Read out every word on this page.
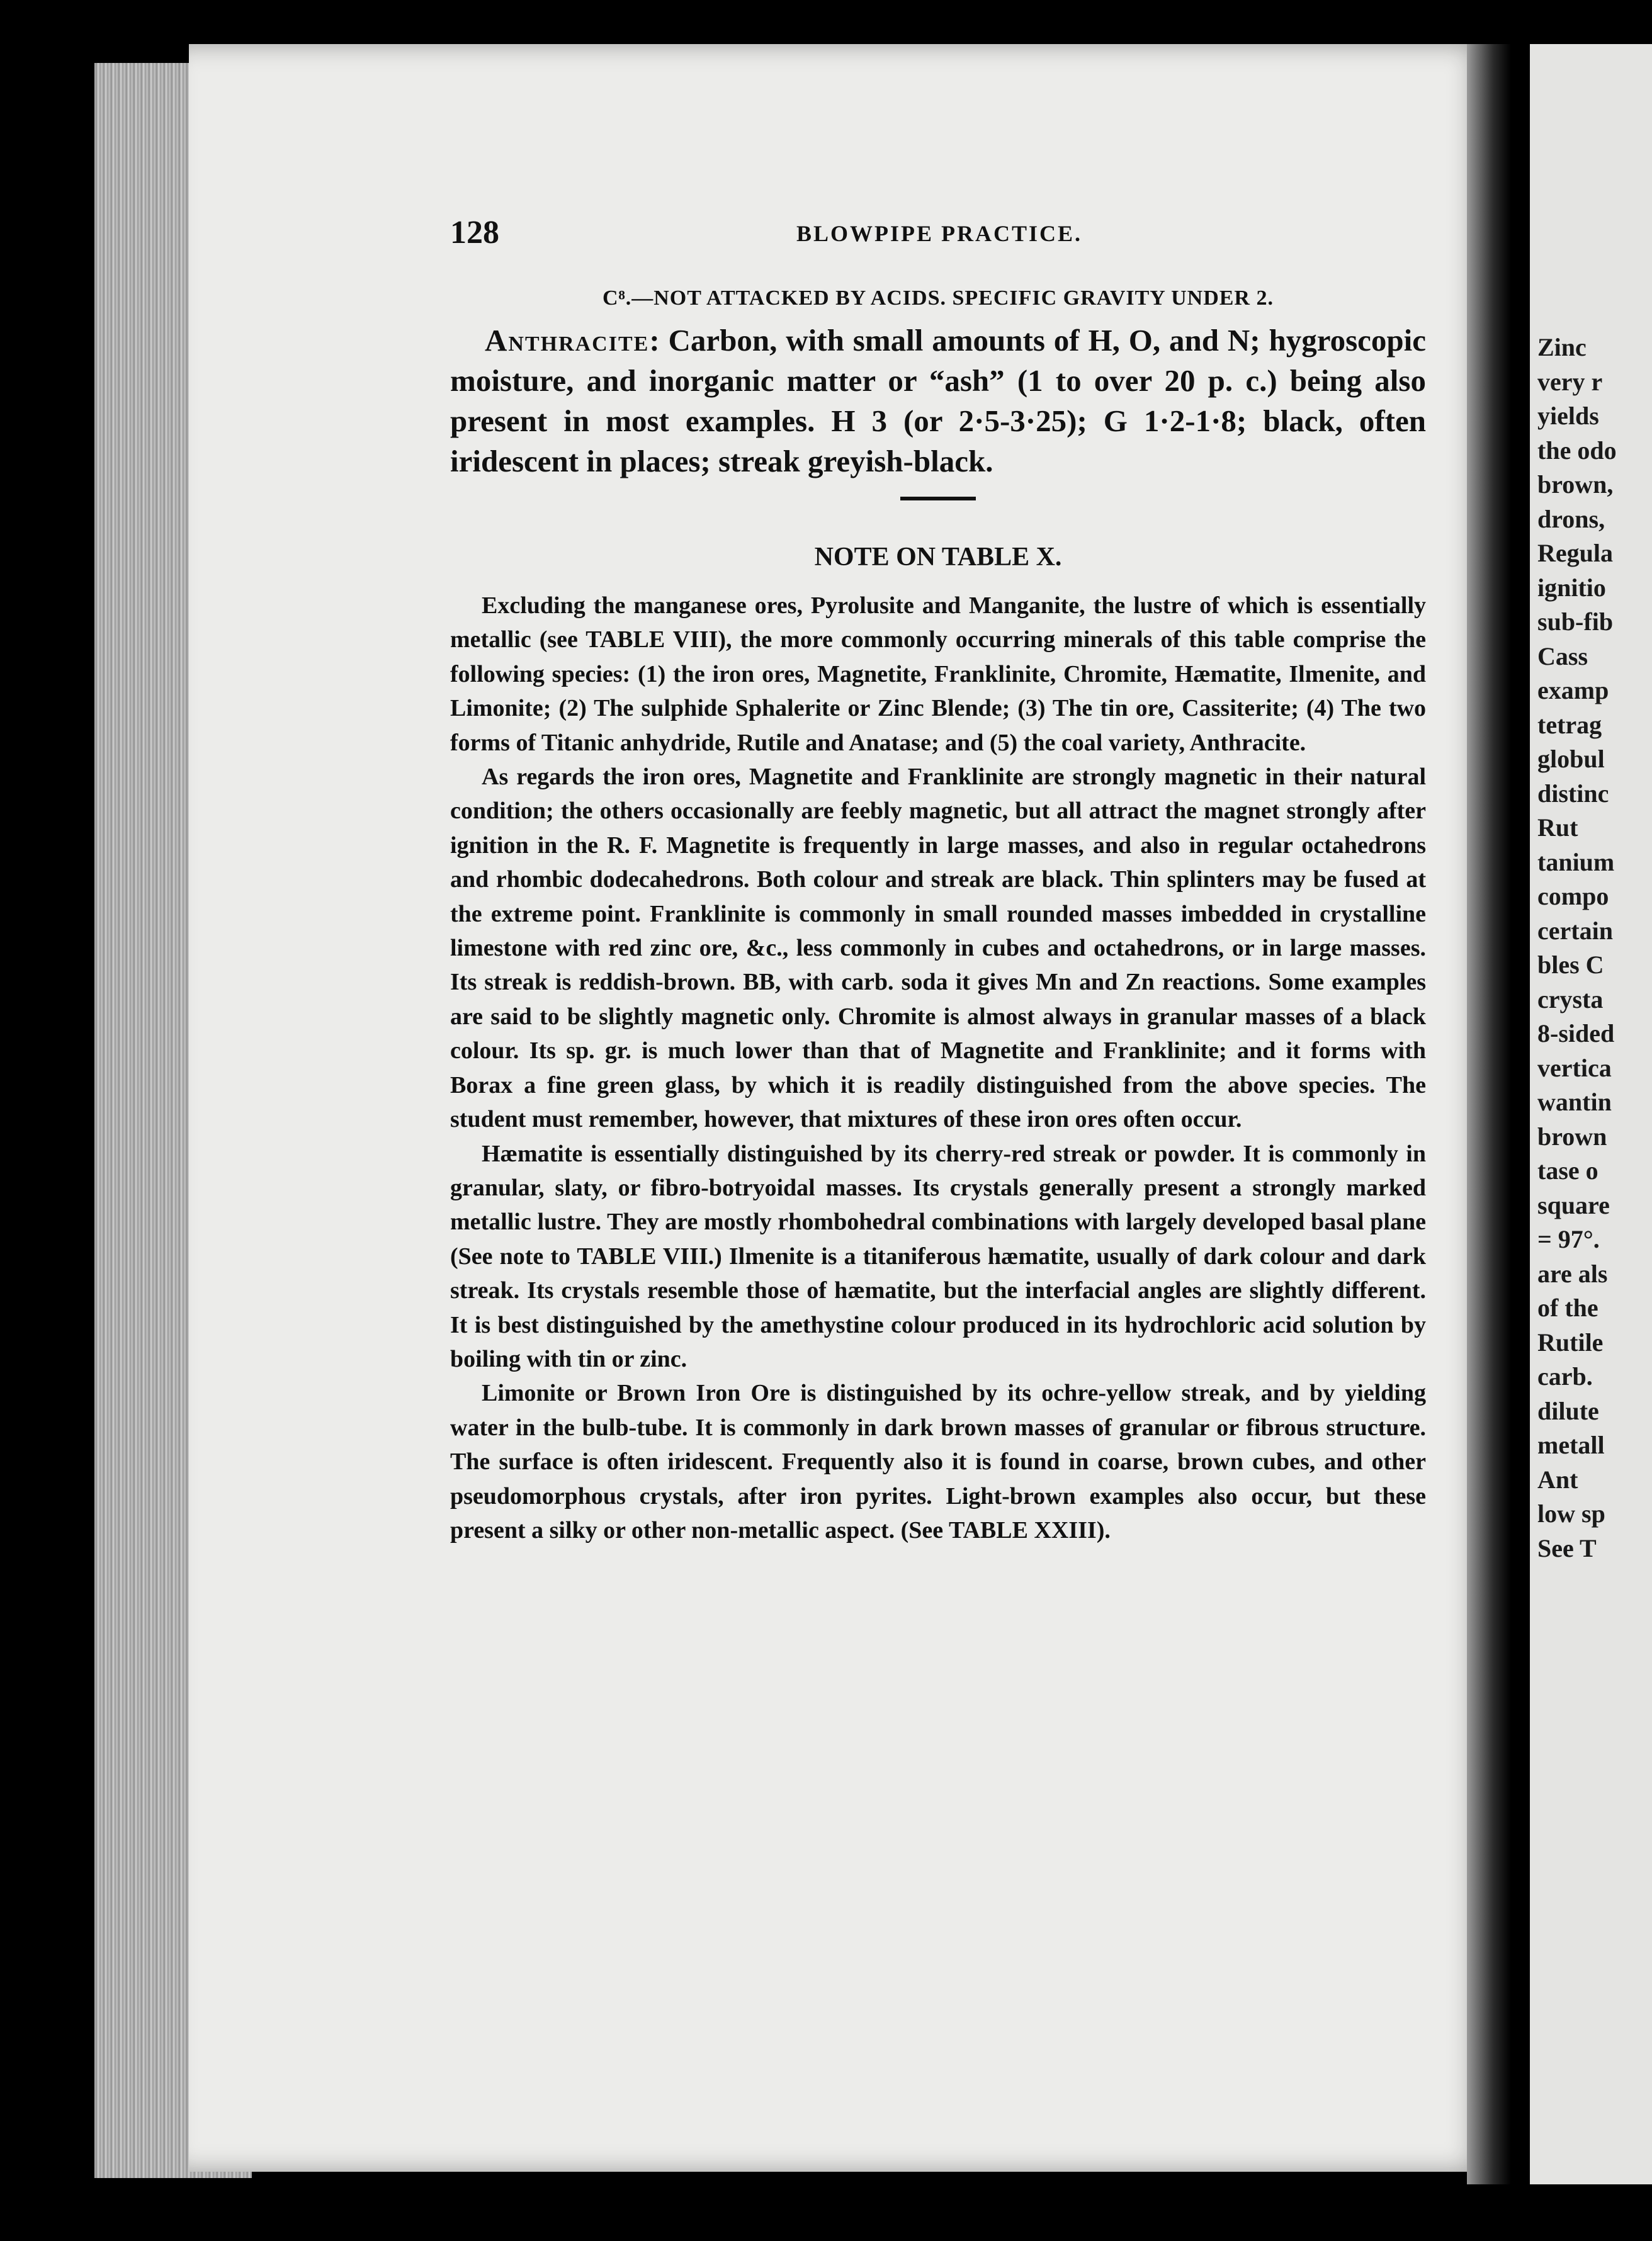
Zinc
very r
yields
the odo
brown,
drons,
Regula
ignitio
sub-fib
Cass
examp
tetrag
globul
distinc
Rut
tanium
compo
certain
bles C
crysta
8-sided
vertica
wantin
brown
tase o
square
= 97°.
are als
of the
Rutile
carb.
dilute
metall
Ant
low sp
See T
128	BLOWPIPE PRACTICE.

C⁸.—NOT ATTACKED BY ACIDS. SPECIFIC GRAVITY UNDER 2.

Anthracite: Carbon, with small amounts of H, O, and N; hygroscopic moisture, and inorganic matter or “ash” (1 to over 20 p. c.) being also present in most examples. H 3 (or 2·5-3·25); G 1·2-1·8; black, often iridescent in places; streak greyish-black.

NOTE ON TABLE X.

Excluding the manganese ores, Pyrolusite and Manganite, the lustre of which is essentially metallic (see TABLE VIII), the more commonly occurring minerals of this table comprise the following species: (1) the iron ores, Magnetite, Franklinite, Chromite, Hæmatite, Ilmenite, and Limonite; (2) The sulphide Sphalerite or Zinc Blende; (3) The tin ore, Cassiterite; (4) The two forms of Titanic anhydride, Rutile and Anatase; and (5) the coal variety, Anthracite.

As regards the iron ores, Magnetite and Franklinite are strongly magnetic in their natural condition; the others occasionally are feebly magnetic, but all attract the magnet strongly after ignition in the R. F. Magnetite is frequently in large masses, and also in regular octahedrons and rhombic dodecahedrons. Both colour and streak are black. Thin splinters may be fused at the extreme point. Franklinite is commonly in small rounded masses imbedded in crystalline limestone with red zinc ore, &c., less commonly in cubes and octahedrons, or in large masses. Its streak is reddish-brown. BB, with carb. soda it gives Mn and Zn reactions. Some examples are said to be slightly magnetic only. Chromite is almost always in granular masses of a black colour. Its sp. gr. is much lower than that of Magnetite and Franklinite; and it forms with Borax a fine green glass, by which it is readily distinguished from the above species. The student must remember, however, that mixtures of these iron ores often occur.

Hæmatite is essentially distinguished by its cherry-red streak or powder. It is commonly in granular, slaty, or fibro-botryoidal masses. Its crystals generally present a strongly marked metallic lustre. They are mostly rhombohedral combinations with largely developed basal plane (See note to TABLE VIII.) Ilmenite is a titaniferous hæmatite, usually of dark colour and dark streak. Its crystals resemble those of hæmatite, but the interfacial angles are slightly different. It is best distinguished by the amethystine colour produced in its hydrochloric acid solution by boiling with tin or zinc.

Limonite or Brown Iron Ore is distinguished by its ochre-yellow streak, and by yielding water in the bulb-tube. It is commonly in dark brown masses of granular or fibrous structure. The surface is often iridescent. Frequently also it is found in coarse, brown cubes, and other pseudomorphous crystals, after iron pyrites. Light-brown examples also occur, but these present a silky or other non-metallic aspect. (See TABLE XXIII).
